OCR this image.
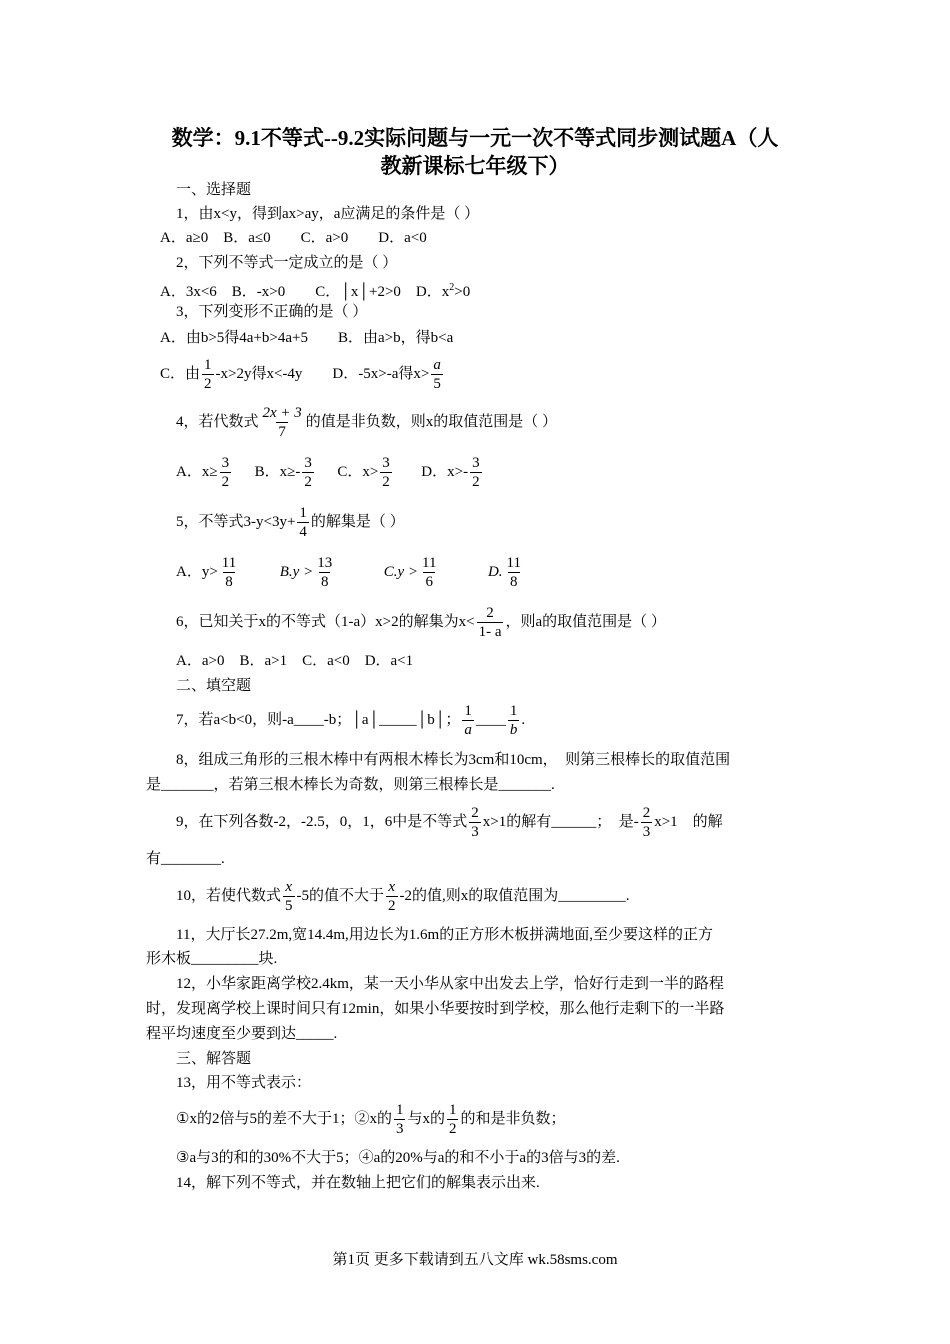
数学：9.1不等式--9.2实际问题与一元一次不等式同步测试题A（人
教新课标七年级下）
一、选择题
1，由x<y，得到ax>ay，a应满足的条件是（ ）
A．a≥0　B．a≤0　　C．a>0　　D．a<0
2，下列不等式一定成立的是（ ）
A．3x<6　B．-x>0　　C．│x│+2>0　D．$x^2>0$
3，下列变形不正确的是（ ）
A．由b>5得4a+b>4a+5　　B．由a>b，得b<a
C．由 $\frac{1}{2} -x>2y$得x<-4y　　D．-5x>-a得$x> \frac{a}{5}$
4，若代数式 $\frac{2x + 3}{7}$ 的值是非负数，则x的取值范围是（ ）
A．$x\ge \frac{3}{2}$ B．$x\ge- \frac{3}{2}$ C．$x> \frac{3}{2}$ D．$x>- \frac{3}{2}$
5，不等式$3-y<3y+ \frac{1}{4}$ 的解集是（ ）
A．$y> \frac{11}{8}$	$B.y > \frac{13}{8}$	$C.y > \frac{11}{6}$	D. $\frac{11}{8}$
6，已知关于x的不等式（1-a）x>2的解集为$x< \frac{2}{1- a}$ ，则a的取值范围是（ ）
A．a>0　B．a>1　C．a<0　D．a<1
二、填空题
7，若a<b<0，则-a____-b；│a│_____│b│； $\frac{1}{a}$ ____ $\frac{1}{b}$ .
8，组成三角形的三根木棒中有两根木棒长为3cm和10cm，　则第三根棒长的取值范围
是_______，若第三根木棒长为奇数，则第三根棒长是_______.
9，在下列各数-2，-2.5，0，1，6中是不等式 $\frac{2}{3} x>1$的解有______；　是- $\frac{2}{3} x>1$　的解
有________.
10，若使代数式 $\frac{x}{5} -5$的值不大于 $\frac{x}{2} -2$的值,则x的取值范围为_________.
11，大厅长27.2m,宽14.4m,用边长为1.6m的正方形木板拼满地面,至少要这样的正方
形木板_________块.
12，小华家距离学校2.4km，某一天小华从家中出发去上学，恰好行走到一半的路程
时，发现离学校上课时间只有12min，如果小华要按时到学校，那么他行走剩下的一半路
程平均速度至少要到达_____.
三、解答题
13，用不等式表示：
①x的2倍与5的差不大于1；②x的 $\frac{1}{3}$ 与x的 $\frac{1}{2}$ 的和是非负数；
③a与3的和的30%不大于5；④a的20%与a的和不小于a的3倍与3的差.
14，解下列不等式，并在数轴上把它们的解集表示出来.
第1页 更多下载请到五八文库 wk.58sms.com
